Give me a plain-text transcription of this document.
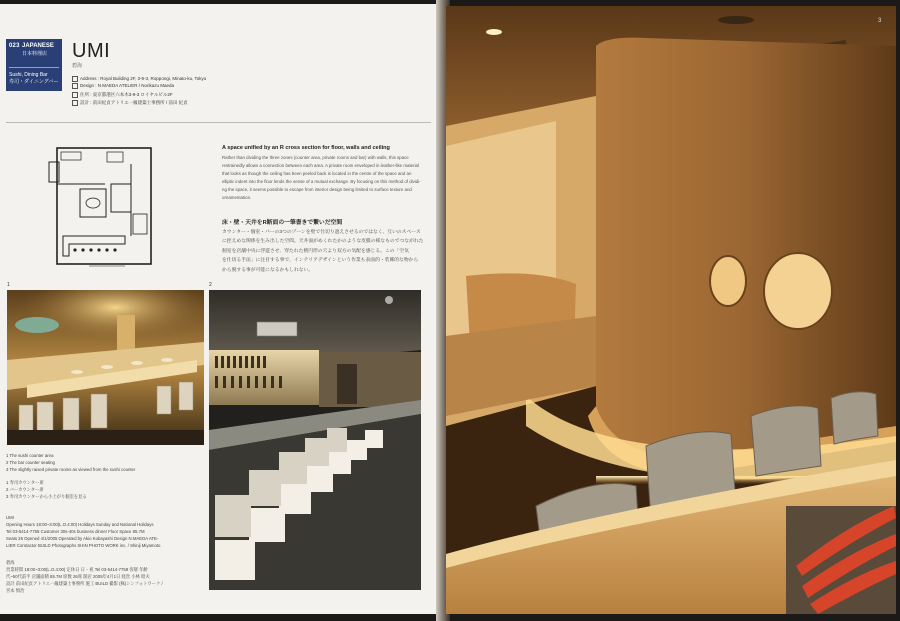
023 JAPANESE
日本料理店
Sushi, Dining Bar
寿司・ダイニングバー
UMI
碧海
Address : Royal Building 2F, 3-9-3, Roppongi, Minato-ku, Tokyo
Design : N MAEDA ATELIER / Norikazu Maeda
住所 : 東京都港区六本木3-9-3 ロイヤルビル2F
設計 : 前田紀貞アトリエ一級建築士事務所 / 前田 紀貞
A space unified by an R cross section for floor, walls and ceiling
Rather than dividing the three zones (counter area, private rooms and bar) with walls, this space
restrainedly allows a connection between each area. A private room enveloped in leather-like material
that looks as though the ceiling has been peeled back is located in the centre of the space and an
elliptic indent into the floor lends the sense of a mutual exchange. By focusing on this method of dividi-
ng the space, it seems possible to escape from interior design being limited to surface texture and
ornamentation.
床・壁・天井をR断面の一筆書きで繋いだ空間
カウンター・個室・バーの3つのゾーンを壁で仕切り遮えさせるのではなく、互いのスペース
に控えめな関係を生み出した空間。天井面がめくれたかのような皮膜の様なものでつながれた
個室を店舗中央に浮遊させ、穿たれた楕円形の穴より双方の気配を感じる。この「空気
を仕切る手法」に注目する事で、インテリアデザインという作業も表面的・装飾的な物から
から脱する事が可能になるかもしれない。
1	2
1 The sushi counter area
2 The bar counter seating
3 The slightly raised private rooms as viewed from the sushi counter
1 寿司カウンター席
2 バーカウンター席
3 寿司カウンターから小上がり個室を見る
UMI
Opening Hours 18:00~3:00(L.O.4:00) Holidays Sunday and National Holidays
Tel 03-5414-7758 Customer 30s-40s business dinner Floor Space 85.7M
Seats 26 Opened 4/1/2005 Operated by Akio Kobayashi Design N.MAEDA ATE-
LIER Contractor BUILD Photographs SHIN PHOTO WORK inc. / Shinji Miyamoto
碧海
営業時間 18:00~3:00(L.O.4:00) 定休日 日・祝 Tel 03-5414-7758 客層 年齢
代~50代前半 店舗面積 85.7M 席数 26席 開店 2005年4月1日 経営 小林 昭夫
設計 前田紀貞アトリエ一級建築士事務所 施工 BUILD 撮影 (株)シンフォトワーク /
宮本 慎治
3
